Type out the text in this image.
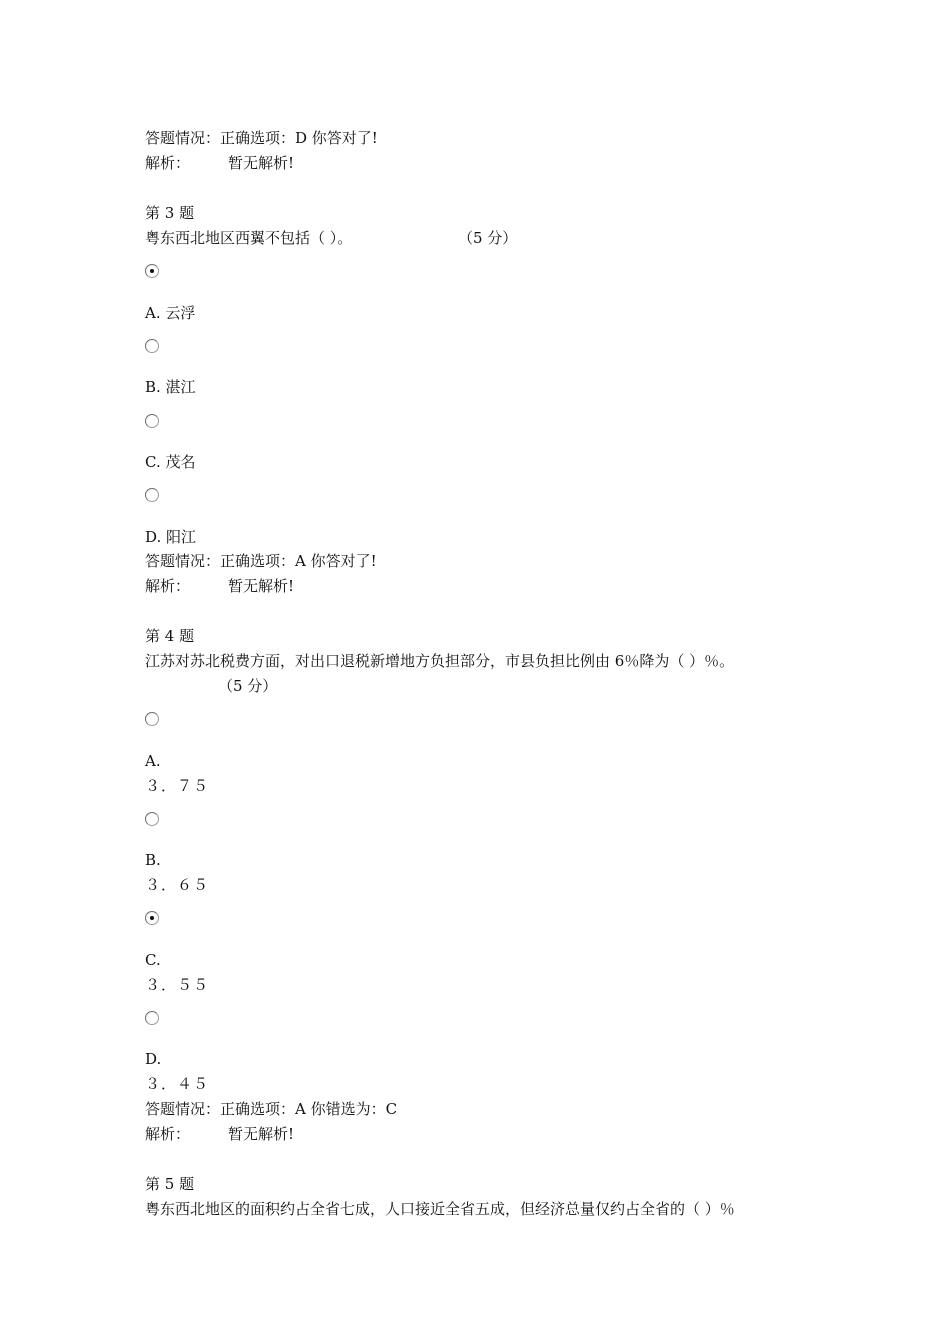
答题情况：正确选项：D 你答对了!
解析：	暂无解析!
第 3 题
粤东西北地区西翼不包括（ ）。	（5 分）
A. 云浮
B. 湛江
C. 茂名
D. 阳江
答题情况：正确选项：A 你答对了!
解析：	暂无解析!
第 4 题
江苏对苏北税费方面，对出口退税新增地方负担部分，市县负担比例由 6％降为（ ）％。
（5 分）
A.
３．７５
B.
３．６５
C.
３．５５
D.
３．４５
答题情况：正确选项：A 你错选为：C
解析：	暂无解析!
第 5 题
粤东西北地区的面积约占全省七成，人口接近全省五成，但经济总量仅约占全省的（ ）％
